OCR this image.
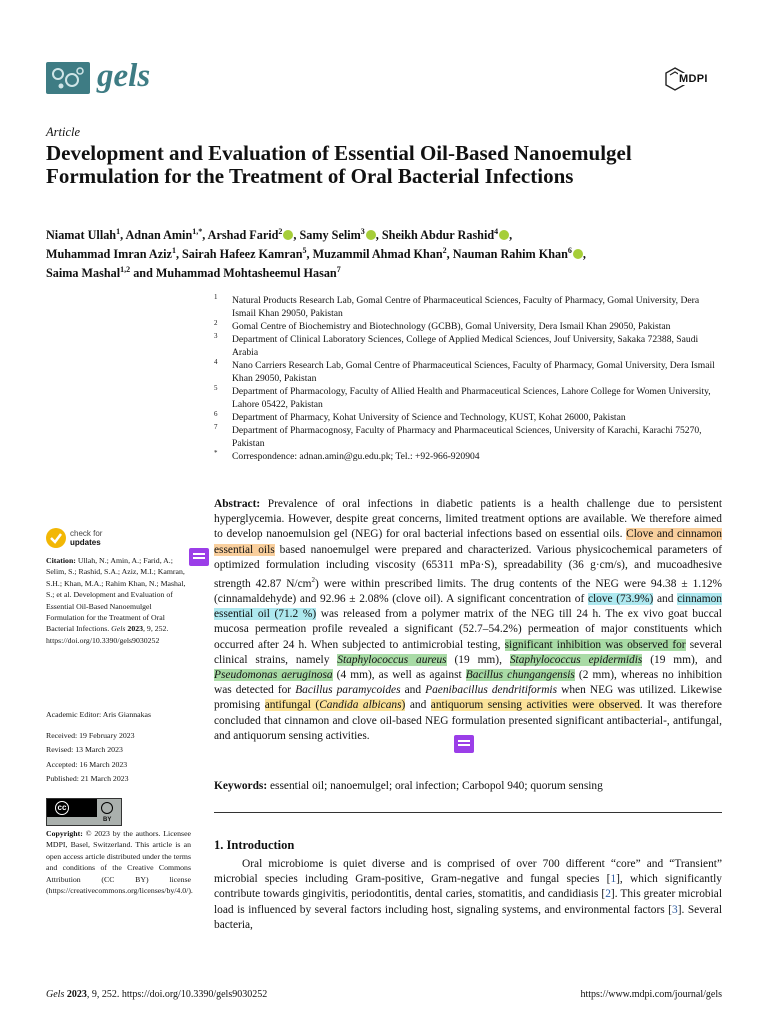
gels	MDPI
Article
Development and Evaluation of Essential Oil-Based Nanoemulgel Formulation for the Treatment of Oral Bacterial Infections
Niamat Ullah$^1$, Adnan Amin$^{1,*}$, Arshad Farid$^2$ , Samy Selim$^3$ , Sheikh Abdur Rashid$^4$ ,
Muhammad Imran Aziz$^1$, Sairah Hafeez Kamran$^5$, Muzammil Ahmad Khan$^2$, Nauman Rahim Khan$^6$ ,
Saima Mashal$^{1,2}$ and Muhammad Mohtasheemul Hasan$^7$
1 Natural Products Research Lab, Gomal Centre of Pharmaceutical Sciences, Faculty of Pharmacy, Gomal University, Dera Ismail Khan 29050, Pakistan
2 Gomal Centre of Biochemistry and Biotechnology (GCBB), Gomal University, Dera Ismail Khan 29050, Pakistan
3 Department of Clinical Laboratory Sciences, College of Applied Medical Sciences, Jouf University, Sakaka 72388, Saudi Arabia
4 Nano Carriers Research Lab, Gomal Centre of Pharmaceutical Sciences, Faculty of Pharmacy, Gomal University, Dera Ismail Khan 29050, Pakistan
5 Department of Pharmacology, Faculty of Allied Health and Pharmaceutical Sciences, Lahore College for Women University, Lahore 05422, Pakistan
6 Department of Pharmacy, Kohat University of Science and Technology, KUST, Kohat 26000, Pakistan
7 Department of Pharmacognosy, Faculty of Pharmacy and Pharmaceutical Sciences, University of Karachi, Karachi 75270, Pakistan
* Correspondence: adnan.amin@gu.edu.pk; Tel.: +92-966-920904
Abstract: Prevalence of oral infections in diabetic patients is a health challenge due to persistent hyperglycemia. However, despite great concerns, limited treatment options are available. We therefore aimed to develop nanoemulsion gel (NEG) for oral bacterial infections based on essential oils. Clove and cinnamon essential oils based nanoemulgel were prepared and characterized. Various physicochemical parameters of optimized formulation including viscosity (65311 mPa·S), spreadability (36 g·cm/s), and mucoadhesive strength 42.87 $N/cm^2$) were within prescribed limits. The drug contents of the NEG were 94.38 ± 1.12% (cinnamaldehyde) and 92.96 ± 2.08% (clove oil). A significant concentration of clove (73.9%) and cinnamon essential oil (71.2 %) was released from a polymer matrix of the NEG till 24 h. The ex vivo goat buccal mucosa permeation profile revealed a significant (52.7–54.2%) permeation of major constituents which occurred after 24 h. When subjected to antimicrobial testing, significant inhibition was observed for several clinical strains, namely Staphylococcus aureus (19 mm), Staphylococcus epidermidis (19 mm), and Pseudomonas aeruginosa (4 mm), as well as against Bacillus chungangensis (2 mm), whereas no inhibition was detected for Bacillus paramycoides and Paenibacillus dendritiformis when NEG was utilized. Likewise promising antifungal (Candida albicans) and antiquorum sensing activities were observed. It was therefore concluded that cinnamon and clove oil-based NEG formulation presented significant antibacterial-, antifungal, and antiquorum sensing activities.
Keywords: essential oil; nanoemulgel; oral infection; Carbopol 940; quorum sensing
1. Introduction
Oral microbiome is quiet diverse and is comprised of over 700 different “core” and “Transient” microbial species including Gram-positive, Gram-negative and fungal species [1], which significantly contribute towards gingivitis, periodontitis, dental caries, stomatitis, and candidiasis [2]. This greater microbial load is influenced by several factors including host, signaling systems, and environmental factors [3]. Several bacteria,
check for
updates
Citation: Ullah, N.; Amin, A.; Farid, A.; Selim, S.; Rashid, S.A.; Aziz, M.I.; Kamran, S.H.; Khan, M.A.; Rahim Khan, N.; Mashal, S.; et al. Development and Evaluation of Essential Oil-Based Nanoemulgel Formulation for the Treatment of Oral Bacterial Infections. Gels 2023, 9, 252. https://doi.org/10.3390/gels9030252
Academic Editor: Aris Giannakas
Received: 19 February 2023
Revised: 13 March 2023
Accepted: 16 March 2023
Published: 21 March 2023
cc
BY
Copyright: © 2023 by the authors. Licensee MDPI, Basel, Switzerland. This article is an open access article distributed under the terms and conditions of the Creative Commons Attribution (CC BY) license (https://creativecommons.org/licenses/by/4.0/).
Gels 2023, 9, 252. https://doi.org/10.3390/gels9030252	https://www.mdpi.com/journal/gels
